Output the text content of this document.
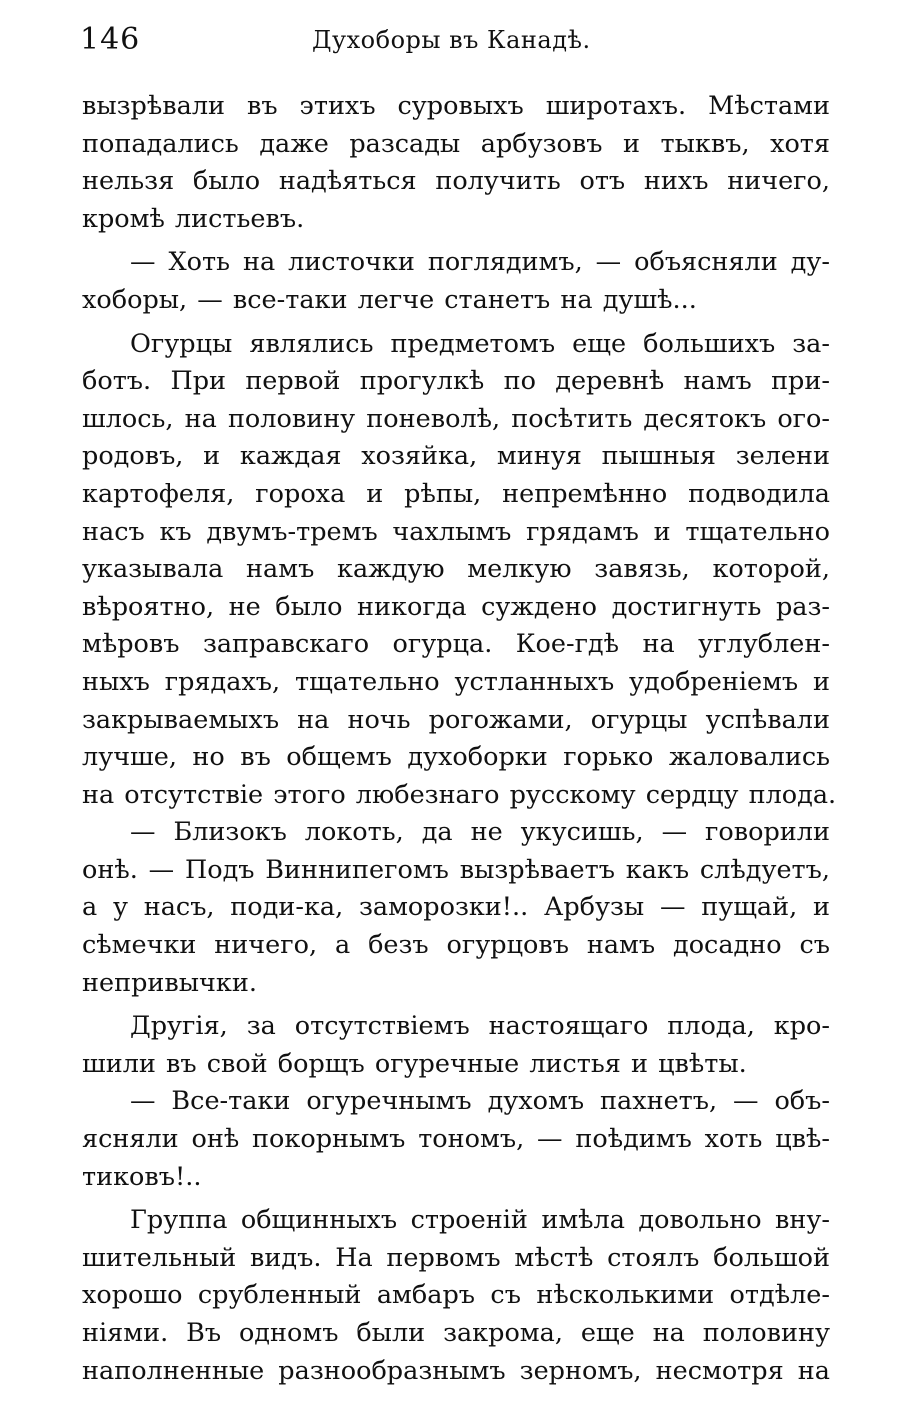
146	Духоборы въ Канадѣ.
вызрѣвали въ этихъ суровыхъ широтахъ. Мѣстами
попадались даже разсады арбузовъ и тыквъ, хотя
нельзя было надѣяться получить отъ нихъ ничего,
кромѣ листьевъ.
— Хоть на листочки поглядимъ, — объясняли ду-
хоборы, — все-таки легче станетъ на душѣ...
Огурцы являлись предметомъ еще большихъ за-
ботъ. При первой прогулкѣ по деревнѣ намъ при-
шлось, на половину поневолѣ, посѣтить десятокъ ого-
родовъ, и каждая хозяйка, минуя пышныя зелени
картофеля, гороха и рѣпы, непремѣнно подводила
насъ къ двумъ-тремъ чахлымъ грядамъ и тщательно
указывала намъ каждую мелкую завязь, которой,
вѣроятно, не было никогда суждено достигнуть раз-
мѣровъ заправскаго огурца. Кое-гдѣ на углублен-
ныхъ грядахъ, тщательно устланныхъ удобреніемъ и
закрываемыхъ на ночь рогожами, огурцы успѣвали
лучше, но въ общемъ духоборки горько жаловались
на отсутствіе этого любезнаго русскому сердцу плода.
— Близокъ локоть, да не укусишь, — говорили
онѣ. — Подъ Виннипегомъ вызрѣваетъ какъ слѣдуетъ,
а у насъ, поди-ка, заморозки!.. Арбузы — пущай, и
сѣмечки ничего, а безъ огурцовъ намъ досадно съ
непривычки.
Другія, за отсутствіемъ настоящаго плода, кро-
шили въ свой борщъ огуречные листья и цвѣты.
— Все-таки огуречнымъ духомъ пахнетъ, — объ-
ясняли онѣ покорнымъ тономъ, — поѣдимъ хоть цвѣ-
тиковъ!..
Группа общинныхъ строеній имѣла довольно вну-
шительный видъ. На первомъ мѣстѣ стоялъ большой
хорошо срубленный амбаръ съ нѣсколькими отдѣле-
ніями. Въ одномъ были закрома, еще на половину
наполненные разнообразнымъ зерномъ, несмотря на
